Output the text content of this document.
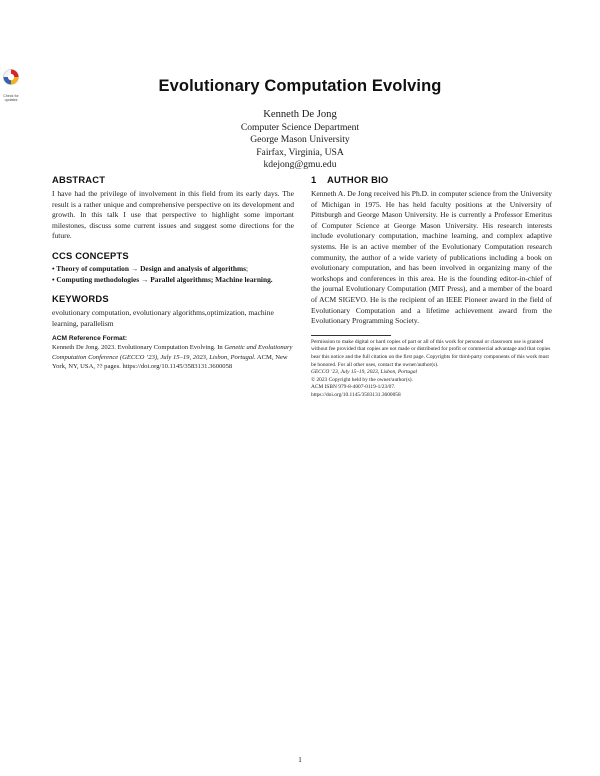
Check for updates
Evolutionary Computation Evolving
Kenneth De Jong
Computer Science Department
George Mason University
Fairfax, Virginia, USA
kdejong@gmu.edu
ABSTRACT

I have had the privilege of involvement in this field from its early days. The result is a rather unique and comprehensive perspective on its development and growth. In this talk I use that perspective to highlight some important milestones, discuss some current issues and suggest some directions for the future.

CCS CONCEPTS
• Theory of computation → Design and analysis of algorithms;
• Computing methodologies → Parallel algorithms; Machine learning.
KEYWORDS

evolutionary computation, evolutionary algorithms,optimization, machine learning, parallelism

ACM Reference Format:
Kenneth De Jong. 2023. Evolutionary Computation Evolving. In Genetic and Evolutionary Computation Conference (GECCO ’23), July 15–19, 2023, Lisbon, Portugal. ACM, New York, NY, USA, ?? pages. https://doi.org/10.1145/3583131.3600058
1 AUTHOR BIO

Kenneth A. De Jong received his Ph.D. in computer science from the University of Michigan in 1975. He has held faculty positions at the University of Pittsburgh and George Mason University. He is currently a Professor Emeritus of Computer Science at George Mason University. His research interests include evolutionary computation, machine learning, and complex adaptive systems. He is an active member of the Evolutionary Computation research community, the author of a wide variety of publications including a book on evolutionary computation, and has been involved in organizing many of the workshops and conferences in this area. He is the founding editor-in-chief of the journal Evolutionary Computation (MIT Press), and a member of the board of ACM SIGEVO. He is the recipient of an IEEE Pioneer award in the field of Evolutionary Computation and a lifetime achievement award from the Evolutionary Programming Society.

Permission to make digital or hard copies of part or all of this work for personal or classroom use is granted without fee provided that copies are not made or distributed for profit or commercial advantage and that copies bear this notice and the full citation on the first page. Copyrights for third-party components of this work must be honored. For all other uses, contact the owner/author(s).
GECCO ’23, July 15–19, 2023, Lisbon, Portugal
© 2023 Copyright held by the owner/author(s).
ACM ISBN 979-8-4007-0119-1/23/07.
https://doi.org/10.1145/3583131.3600058
1
